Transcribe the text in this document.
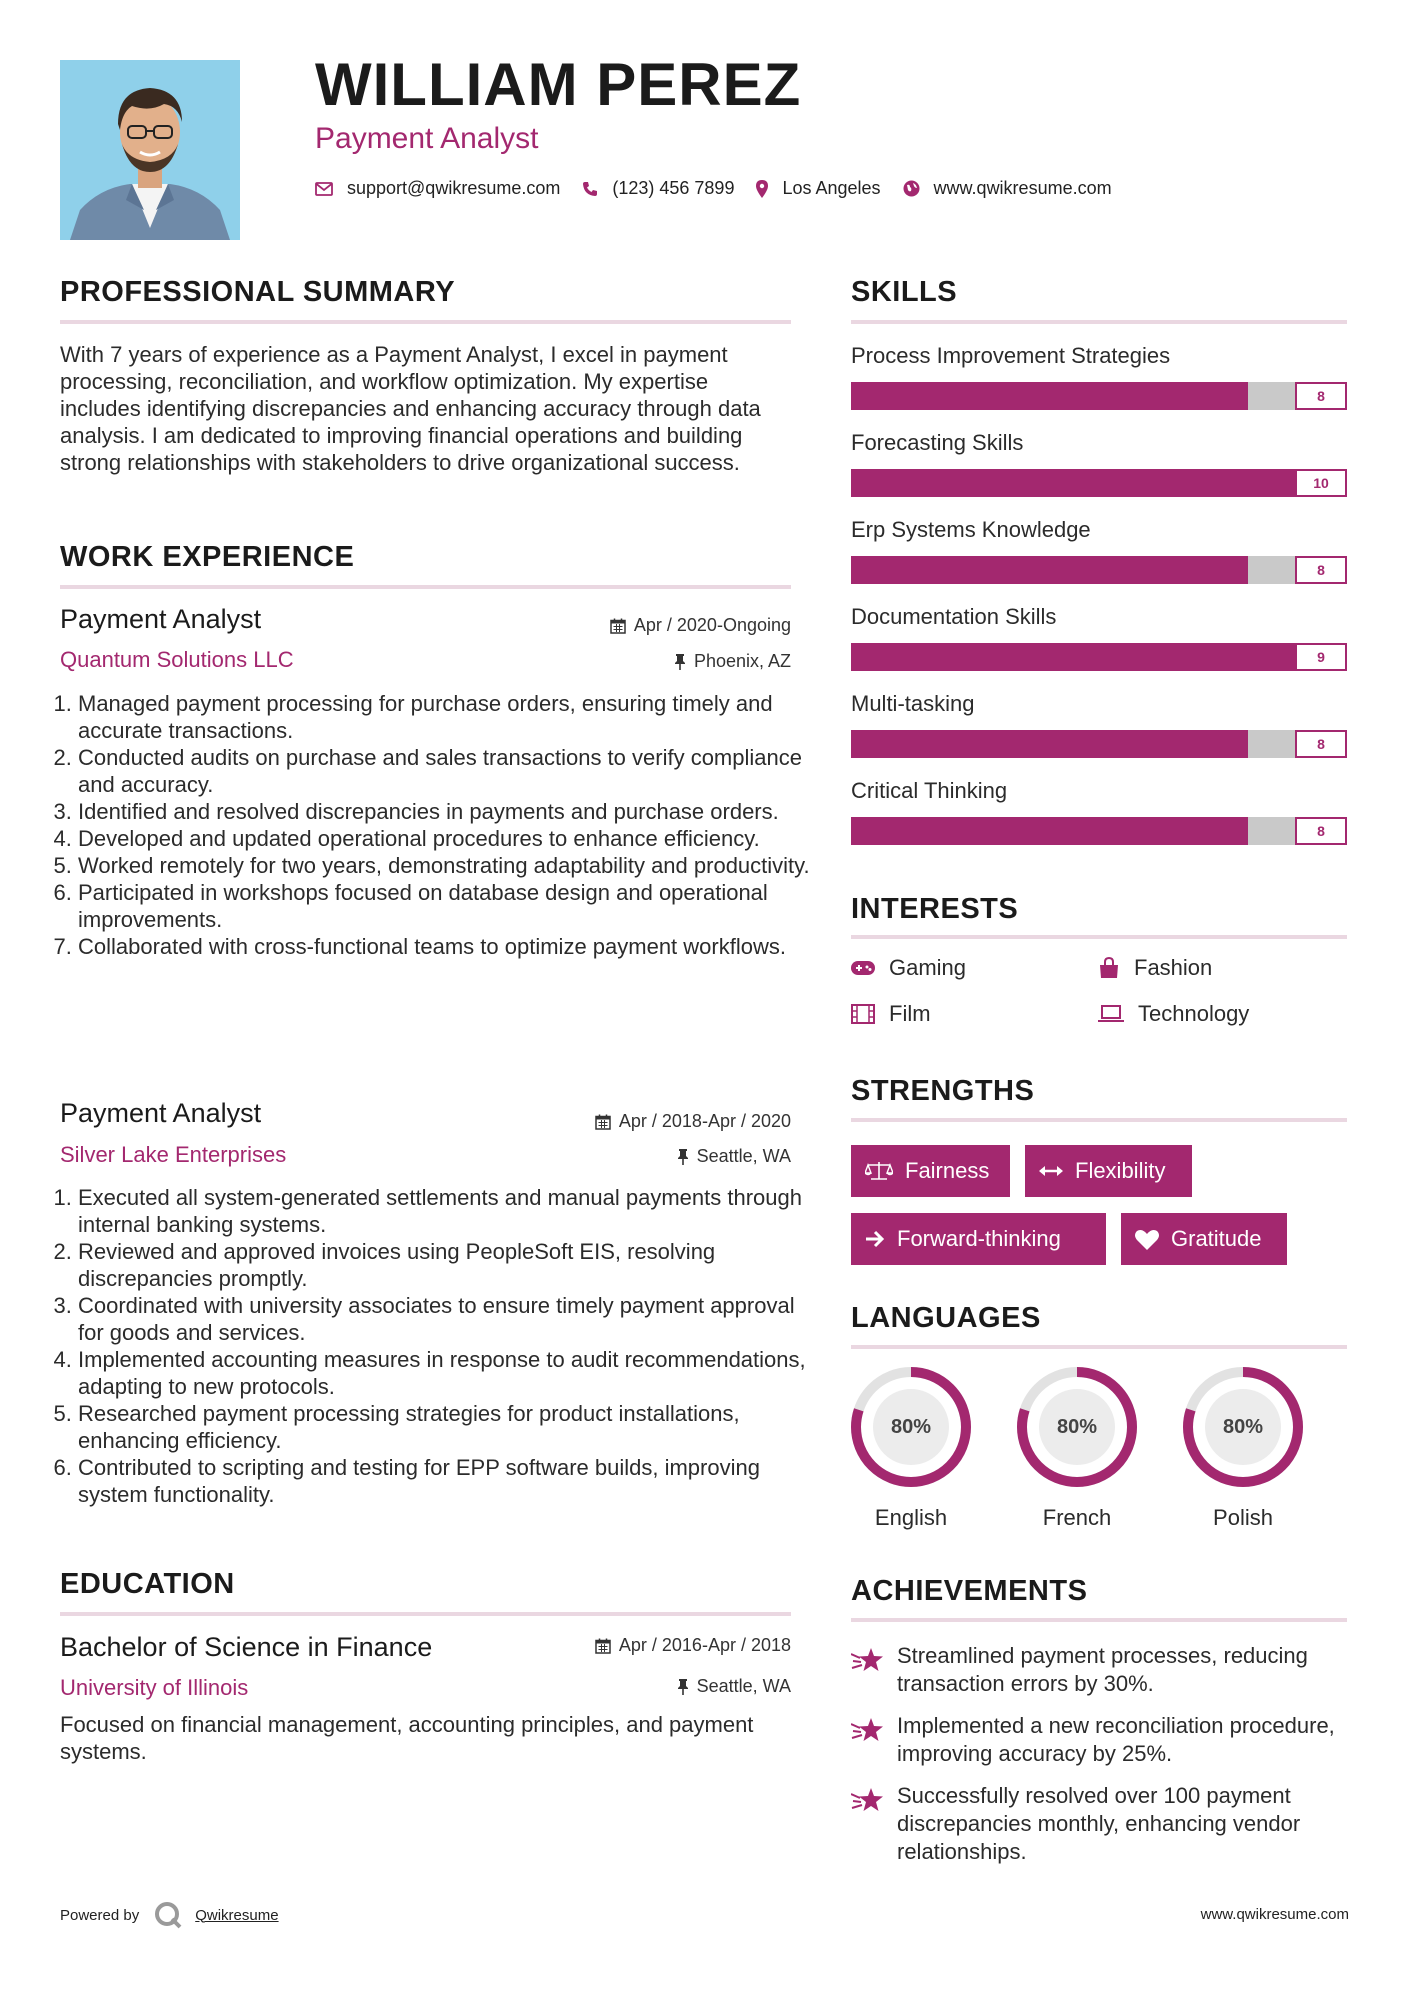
WILLIAM PEREZ
Payment Analyst
support@qwikresume.com	(123) 456 7899	Los Angeles	www.qwikresume.com
PROFESSIONAL SUMMARY

With 7 years of experience as a Payment Analyst, I excel in payment processing, reconciliation, and workflow optimization. My expertise includes identifying discrepancies and enhancing accuracy through data analysis. I am dedicated to improving financial operations and building strong relationships with stakeholders to drive organizational success.

WORK EXPERIENCE
Payment Analyst	Apr / 2020-Ongoing
Quantum Solutions LLC	Phoenix, AZ
1. Managed payment processing for purchase orders, ensuring timely and accurate transactions.
2. Conducted audits on purchase and sales transactions to verify compliance and accuracy.
3. Identified and resolved discrepancies in payments and purchase orders.
4. Developed and updated operational procedures to enhance efficiency.
5. Worked remotely for two years, demonstrating adaptability and productivity.
6. Participated in workshops focused on database design and operational improvements.
7. Collaborated with cross-functional teams to optimize payment workflows.
Payment Analyst	Apr / 2018-Apr / 2020
Silver Lake Enterprises	Seattle, WA
1. Executed all system-generated settlements and manual payments through internal banking systems.
2. Reviewed and approved invoices using PeopleSoft EIS, resolving discrepancies promptly.
3. Coordinated with university associates to ensure timely payment approval for goods and services.
4. Implemented accounting measures in response to audit recommendations, adapting to new protocols.
5. Researched payment processing strategies for product installations, enhancing efficiency.
6. Contributed to scripting and testing for EPP software builds, improving system functionality.
EDUCATION
Bachelor of Science in Finance	Apr / 2016-Apr / 2018
University of Illinois	Seattle, WA

Focused on financial management, accounting principles, and payment systems.

SKILLS
Process Improvement Strategies
8
Forecasting Skills
10
Erp Systems Knowledge
8
Documentation Skills
9
Multi-tasking
8
Critical Thinking
8
INTERESTS
Gaming	Fashion
Film	Technology
STRENGTHS
Fairness	Flexibility
Forward-thinking	Gratitude
LANGUAGES
80%
English
80%
French
80%
Polish
ACHIEVEMENTS
Streamlined payment processes, reducing transaction errors by 30%.
Implemented a new reconciliation procedure, improving accuracy by 25%.
Successfully resolved over 100 payment discrepancies monthly, enhancing vendor relationships.
Powered by	Qwikresume	www.qwikresume.com
